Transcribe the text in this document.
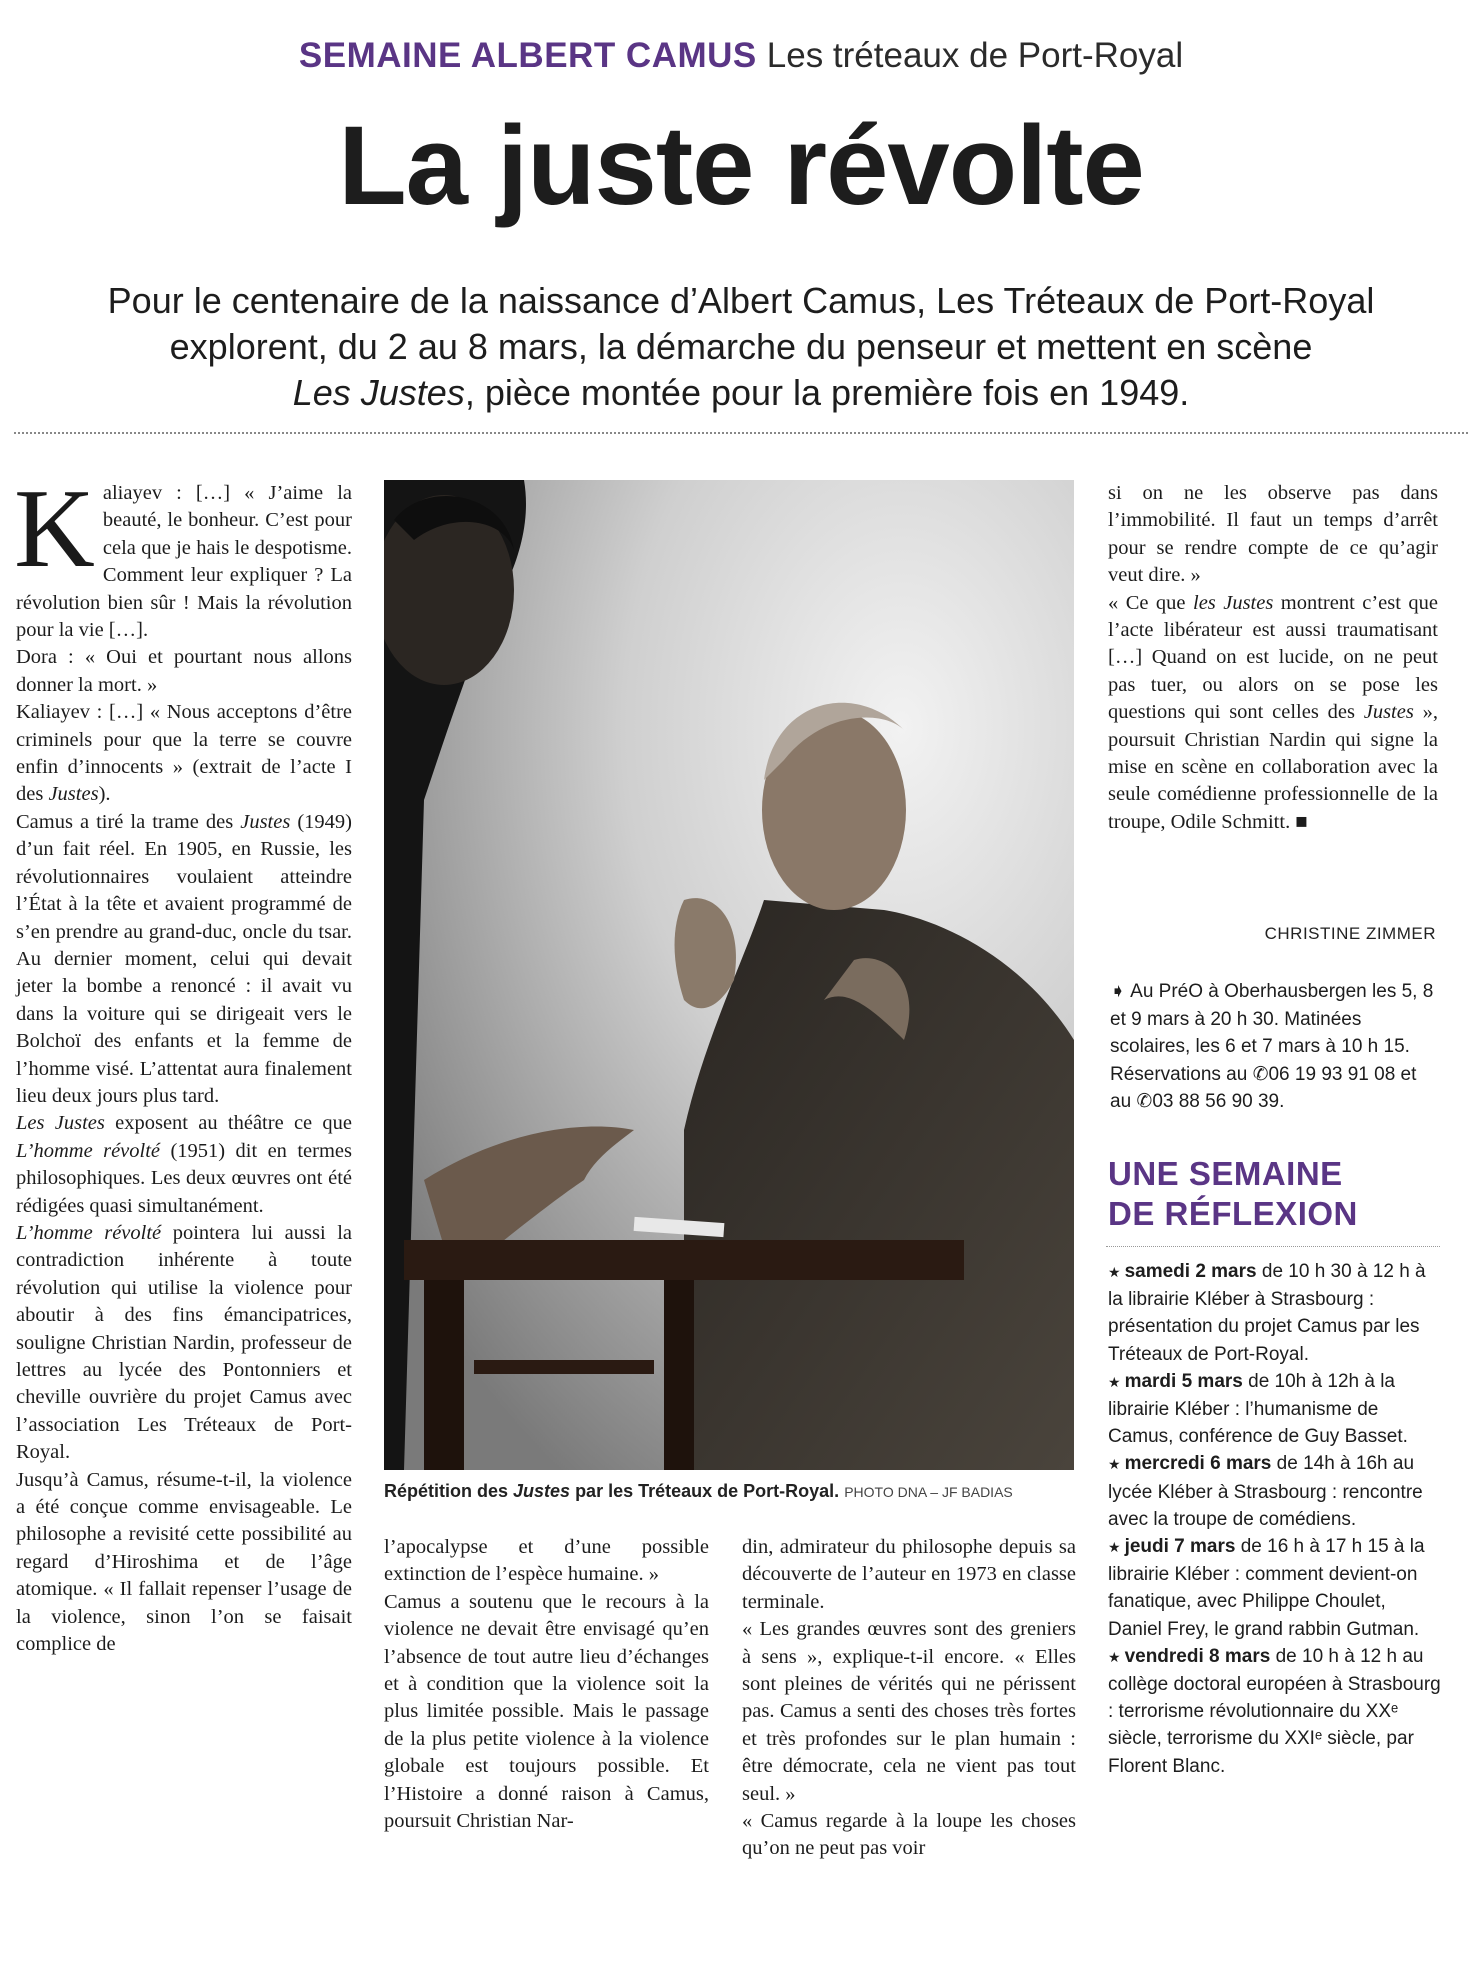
SEMAINE ALBERT CAMUS Les tréteaux de Port-Royal
La juste révolte
Pour le centenaire de la naissance d’Albert Camus, Les Tréteaux de Port-Royal
explorent, du 2 au 8 mars, la démarche du penseur et mettent en scène
Les Justes, pièce montée pour la première fois en 1949.
K aliayev : […] « J’aime la beauté, le bonheur. C’est pour cela que je hais le despotisme. Comment leur expliquer ? La révolution bien sûr ! Mais la révolution pour la vie […].

Dora : « Oui et pourtant nous allons donner la mort. »

Kaliayev : […] « Nous acceptons d’être criminels pour que la terre se couvre enfin d’innocents » (extrait de l’acte I des Justes).

Camus a tiré la trame des Justes (1949) d’un fait réel. En 1905, en Russie, les révolutionnaires voulaient atteindre l’État à la tête et avaient programmé de s’en prendre au grand-duc, oncle du tsar. Au dernier moment, celui qui devait jeter la bombe a renoncé : il avait vu dans la voiture qui se dirigeait vers le Bolchoï des enfants et la femme de l’homme visé. L’attentat aura finalement lieu deux jours plus tard.

Les Justes exposent au théâtre ce que L’homme révolté (1951) dit en termes philosophiques. Les deux œuvres ont été rédigées quasi simultanément.

L’homme révolté pointera lui aussi la contradiction inhérente à toute révolution qui utilise la violence pour aboutir à des fins émancipatrices, souligne Christian Nardin, professeur de lettres au lycée des Pontonniers et cheville ouvrière du projet Camus avec l’association Les Tréteaux de Port-Royal.

Jusqu’à Camus, résume-t-il, la violence a été conçue comme envisageable. Le philosophe a revisité cette possibilité au regard d’Hiroshima et de l’âge atomique. « Il fallait repenser l’usage de la violence, sinon l’on se faisait complice de

Répétition des Justes par les Tréteaux de Port-Royal. PHOTO DNA – JF BADIAS

l’apocalypse et d’une possible extinction de l’espèce humaine. »

Camus a soutenu que le recours à la violence ne devait être envisagé qu’en l’absence de tout autre lieu d’échanges et à condition que la violence soit la plus limitée possible. Mais le passage de la plus petite violence à la violence globale est toujours possible. Et l’Histoire a donné raison à Camus, poursuit Christian Nar-

din, admirateur du philosophe depuis sa découverte de l’auteur en 1973 en classe terminale.

« Les grandes œuvres sont des greniers à sens », explique-t-il encore. « Elles sont pleines de vérités qui ne périssent pas. Camus a senti des choses très fortes et très profondes sur le plan humain : être démocrate, cela ne vient pas tout seul. »

« Camus regarde à la loupe les choses qu’on ne peut pas voir

si on ne les observe pas dans l’immobilité. Il faut un temps d’arrêt pour se rendre compte de ce qu’agir veut dire. »

« Ce que les Justes montrent c’est que l’acte libérateur est aussi traumatisant […] Quand on est lucide, on ne peut pas tuer, ou alors on se pose les questions qui sont celles des Justes », poursuit Christian Nardin qui signe la mise en scène en collaboration avec la seule comédienne professionnelle de la troupe, Odile Schmitt. ■

CHRISTINE ZIMMER
➧ Au PréO à Oberhausbergen les 5, 8 et 9 mars à 20 h 30. Matinées scolaires, les 6 et 7 mars à 10 h 15. Réservations au ✆06 19 93 91 08 et au ✆03 88 56 90 39.
UNE SEMAINE
DE RÉFLEXION

★ samedi 2 mars de 10 h 30 à 12 h à la librairie Kléber à Strasbourg : présentation du projet Camus par les Tréteaux de Port-Royal.

★ mardi 5 mars de 10h à 12h à la librairie Kléber : l’humanisme de Camus, conférence de Guy Basset.

★ mercredi 6 mars de 14h à 16h au lycée Kléber à Strasbourg : rencontre avec la troupe de comédiens.

★ jeudi 7 mars de 16 h à 17 h 15 à la librairie Kléber : comment devient-on fanatique, avec Philippe Choulet, Daniel Frey, le grand rabbin Gutman.

★ vendredi 8 mars de 10 h à 12 h au collège doctoral européen à Strasbourg : terrorisme révolutionnaire du XXᵉ siècle, terrorisme du XXIᵉ siècle, par Florent Blanc.
